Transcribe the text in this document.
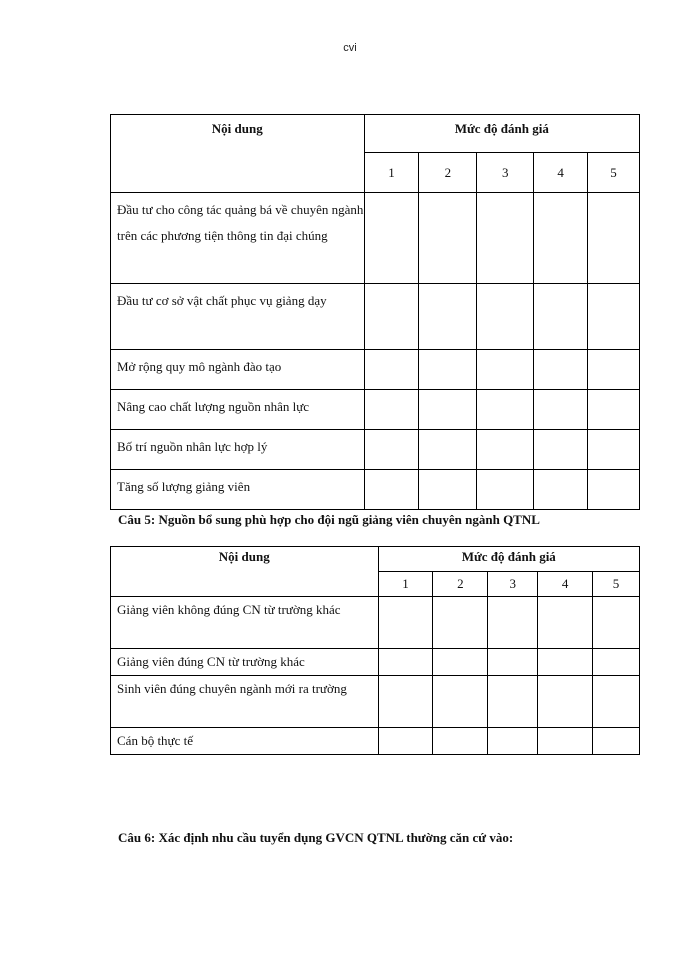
cvi
Nội dung	Mức độ đánh giá				
	1	2	3	4	5
Đầu tư cho công tác quảng bá về chuyên ngành trên các phương tiện thông tin đại chúng					
Đầu tư cơ sở vật chất phục vụ giảng dạy					
Mở rộng quy mô ngành đào tạo					
Nâng cao chất lượng nguồn nhân lực					
Bố trí nguồn nhân lực hợp lý					
Tăng số lượng giảng viên					
Câu 5: Nguồn bổ sung phù hợp cho đội ngũ giảng viên chuyên ngành QTNL
Nội dung	Mức độ đánh giá				
	1	2	3	4	5
Giảng viên không đúng CN từ trường khác					
Giảng viên đúng CN từ trường khác					
Sinh viên đúng chuyên ngành mới ra trường					
Cán bộ thực tế					
Câu 6: Xác định nhu cầu tuyển dụng GVCN QTNL thường căn cứ vào:
